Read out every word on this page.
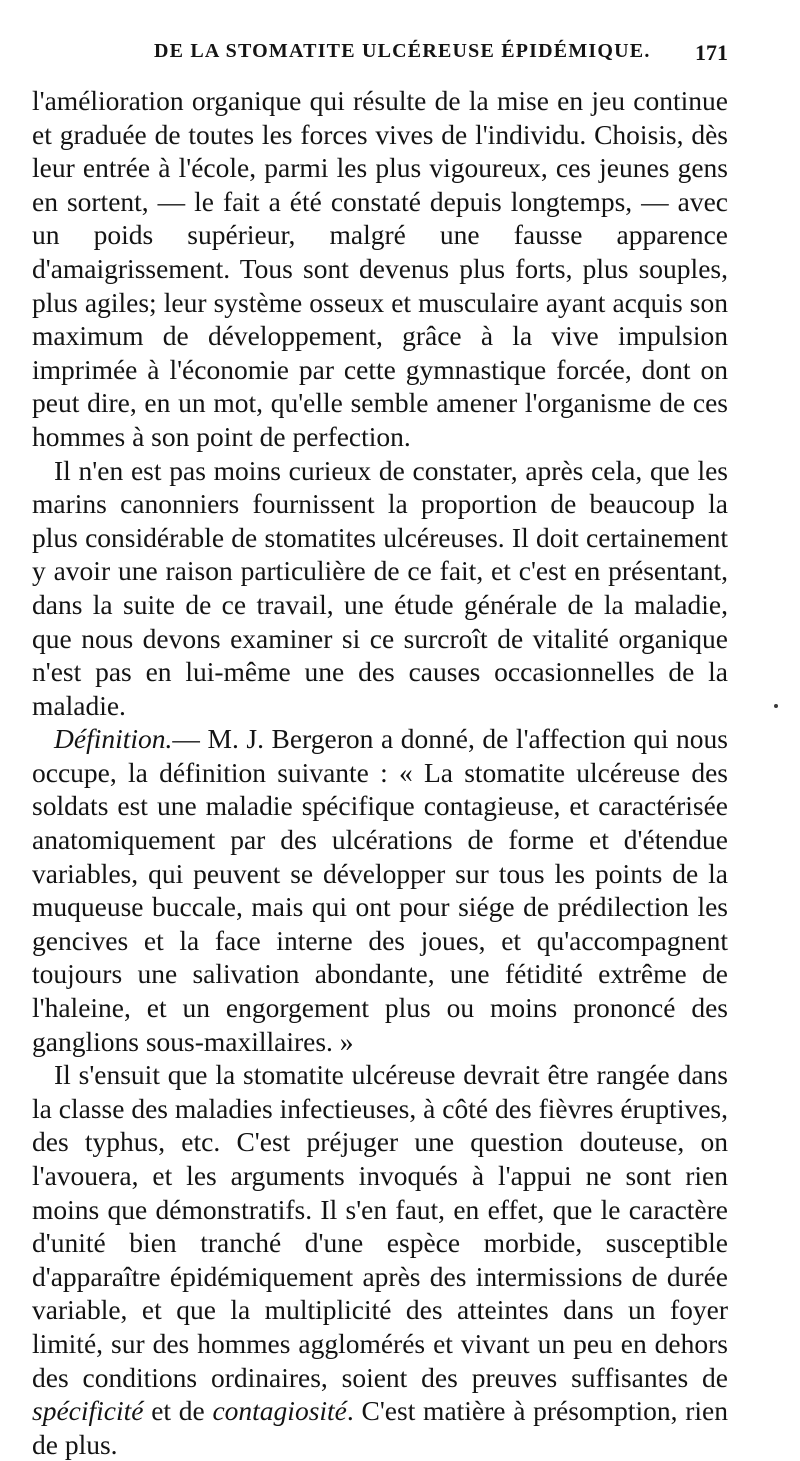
DE LA STOMATITE ULCÉREUSE ÉPIDÉMIQUE. 171

l'amélioration organique qui résulte de la mise en jeu continue et graduée de toutes les forces vives de l'individu. Choisis, dès leur entrée à l'école, parmi les plus vigoureux, ces jeunes gens en sortent, — le fait a été constaté depuis longtemps, — avec un poids supérieur, malgré une fausse apparence d'amaigrissement. Tous sont devenus plus forts, plus souples, plus agiles; leur système osseux et musculaire ayant acquis son maximum de développement, grâce à la vive impulsion imprimée à l'économie par cette gymnastique forcée, dont on peut dire, en un mot, qu'elle semble amener l'organisme de ces hommes à son point de perfection.

Il n'en est pas moins curieux de constater, après cela, que les marins canonniers fournissent la proportion de beaucoup la plus considérable de stomatites ulcéreuses. Il doit certainement y avoir une raison particulière de ce fait, et c'est en présentant, dans la suite de ce travail, une étude générale de la maladie, que nous devons examiner si ce surcroît de vitalité organique n'est pas en lui-même une des causes occasionnelles de la maladie.

Définition.— M. J. Bergeron a donné, de l'affection qui nous occupe, la définition suivante : « La stomatite ulcéreuse des soldats est une maladie spécifique contagieuse, et caractérisée anatomiquement par des ulcérations de forme et d'étendue variables, qui peuvent se développer sur tous les points de la muqueuse buccale, mais qui ont pour siége de prédilection les gencives et la face interne des joues, et qu'accompagnent toujours une salivation abondante, une fétidité extrême de l'haleine, et un engorgement plus ou moins prononcé des ganglions sous-maxillaires. »

Il s'ensuit que la stomatite ulcéreuse devrait être rangée dans la classe des maladies infectieuses, à côté des fièvres éruptives, des typhus, etc. C'est préjuger une question douteuse, on l'avouera, et les arguments invoqués à l'appui ne sont rien moins que démonstratifs. Il s'en faut, en effet, que le caractère d'unité bien tranché d'une espèce morbide, susceptible d'apparaître épidémiquement après des intermissions de durée variable, et que la multiplicité des atteintes dans un foyer limité, sur des hommes agglomérés et vivant un peu en dehors des conditions ordinaires, soient des preuves suffisantes de spécificité et de contagiosité. C'est matière à présomption, rien de plus.
